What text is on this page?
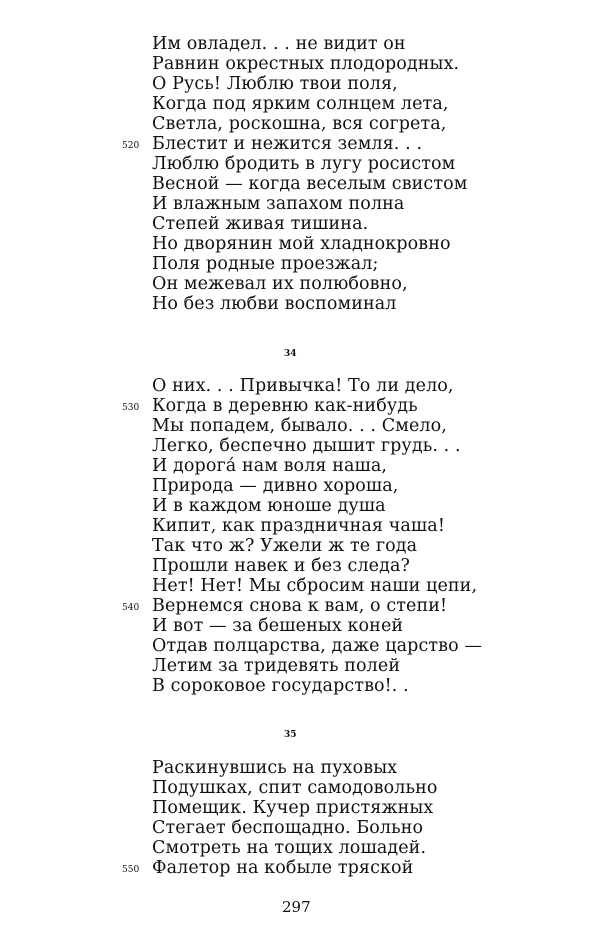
Им овладел. . . не видит он
Равнин окрестных плодородных.
О Русь! Люблю твои поля,
Когда под ярким солнцем лета,
Светла, роскошна, вся согрета,
520 Блестит и нежится земля. . .
Люблю бродить в лугу росистом
Весной — когда веселым свистом
И влажным запахом полна
Степей живая тишина.
Но дворянин мой хладнокровно
Поля родные проезжал;
Он межевал их полюбовно,
Но без любви воспоминал
34
О них. . . Привычка! То ли дело,
530 Когда в деревню как-нибудь
Мы попадем, бывало. . . Смело,
Легко, беспечно дышит грудь. . .
И дорогá нам воля наша,
Природа — дивно хороша,
И в каждом юноше душа
Кипит, как праздничная чаша!
Так что ж? Ужели ж те года
Прошли навек и без следа?
Нет! Нет! Мы сбросим наши цепи,
540 Вернемся снова к вам, о степи!
И вот — за бешеных коней
Отдав полцарства, даже царство —
Летим за тридевять полей
В сороковое государство!. .
35
Раскинувшись на пуховых
Подушках, спит самодовольно
Помещик. Кучер пристяжных
Стегает беспощадно. Больно
Смотреть на тощих лошадей.
550 Фалетор на кобыле тряской
297
